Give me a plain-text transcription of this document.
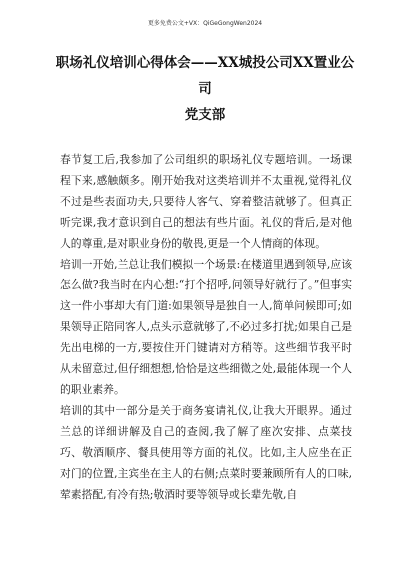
更多免费公文+VX：QiGeGongWen2024
职场礼仪培训心得体会——XX城投公司XX置业公司
党支部

春节复工后,我参加了公司组织的职场礼仪专题培训。一场课程下来,感触颇多。刚开始我对这类培训并不太重视,觉得礼仪不过是些表面功夫,只要待人客气、穿着整洁就够了。但真正听完课,我才意识到自己的想法有些片面。礼仪的背后,是对他人的尊重,是对职业身份的敬畏,更是一个人情商的体现。

培训一开始,兰总让我们模拟一个场景:在楼道里遇到领导,应该怎么做?我当时在内心想:“打个招呼,问领导好就行了。”但事实这一件小事却大有门道:如果领导是独自一人,简单问候即可;如果领导正陪同客人,点头示意就够了,不必过多打扰;如果自己是先出电梯的一方,要按住开门键请对方稍等。这些细节我平时从未留意过,但仔细想想,恰恰是这些细微之处,最能体现一个人的职业素养。

培训的其中一部分是关于商务宴请礼仪,让我大开眼界。通过兰总的详细讲解及自己的查阅,我了解了座次安排、点菜技巧、敬酒顺序、餐具使用等方面的礼仪。比如,主人应坐在正对门的位置,主宾坐在主人的右侧;点菜时要兼顾所有人的口味,荤素搭配,有冷有热;敬酒时要等领导或长辈先敬,自
